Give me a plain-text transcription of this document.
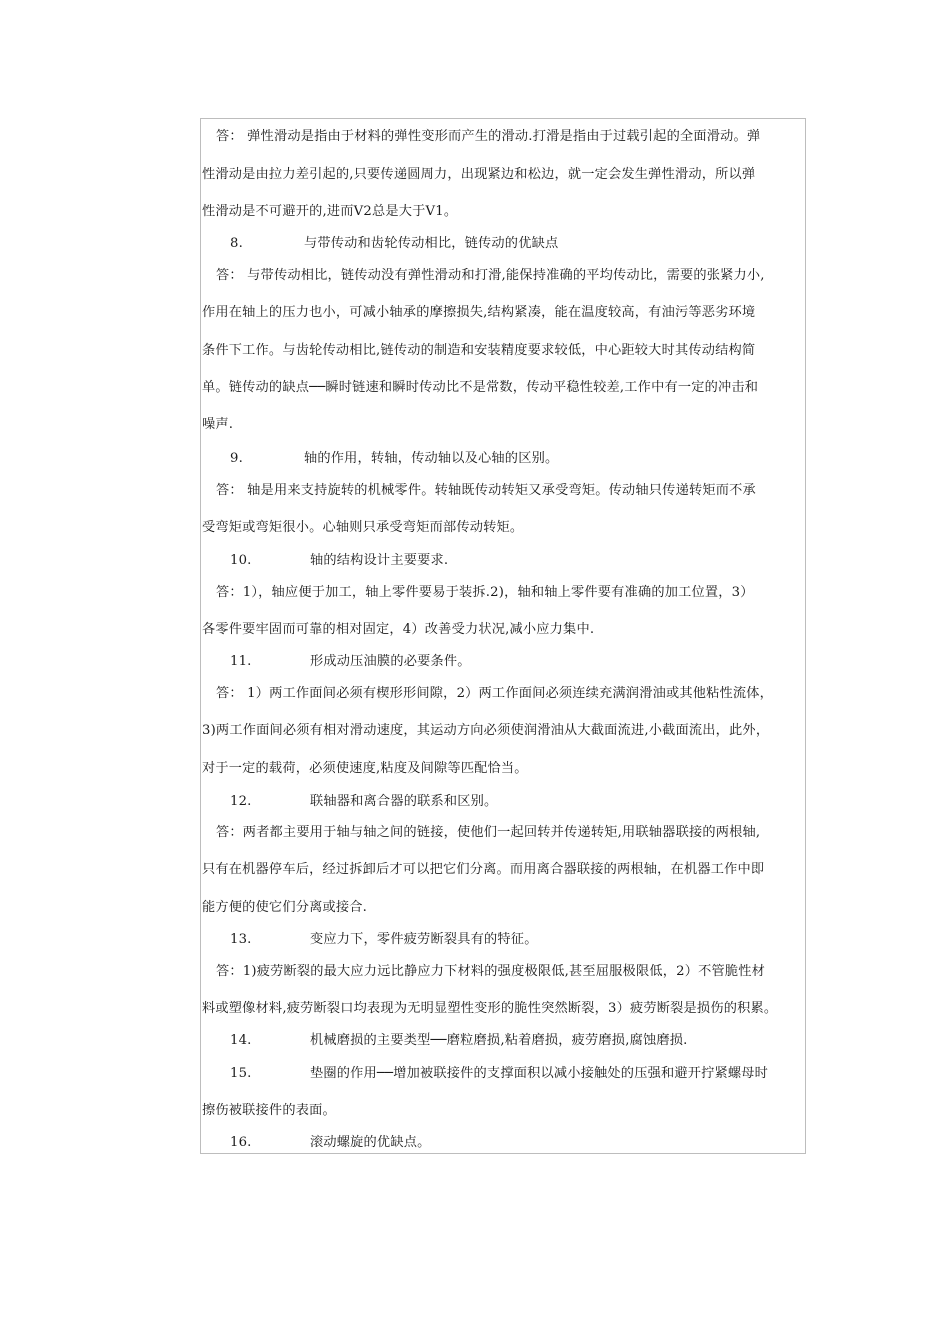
答： 弹性滑动是指由于材料的弹性变形而产生的滑动.打滑是指由于过载引起的全面滑动。弹
性滑动是由拉力差引起的,只要传递圆周力，出现紧边和松边，就一定会发生弹性滑动，所以弹
性滑动是不可避开的,进而V2总是大于V1。
8.	与带传动和齿轮传动相比，链传动的优缺点
答： 与带传动相比，链传动没有弹性滑动和打滑,能保持准确的平均传动比，需要的张紧力小,
作用在轴上的压力也小，可减小轴承的摩擦损失,结构紧凑，能在温度较高，有油污等恶劣环境
条件下工作。与齿轮传动相比,链传动的制造和安装精度要求较低，中心距较大时其传动结构简
单。链传动的缺点──瞬时链速和瞬时传动比不是常数，传动平稳性较差,工作中有一定的冲击和
噪声.
9.	轴的作用，转轴，传动轴以及心轴的区别。
答： 轴是用来支持旋转的机械零件。转轴既传动转矩又承受弯矩。传动轴只传递转矩而不承
受弯矩或弯矩很小。心轴则只承受弯矩而部传动转矩。
10.	轴的结构设计主要要求.
答：1），轴应便于加工，轴上零件要易于装拆.2)，轴和轴上零件要有准确的加工位置，3）
各零件要牢固而可靠的相对固定，4）改善受力状况,减小应力集中.
11.	形成动压油膜的必要条件。
答： 1）两工作面间必须有楔形形间隙，2）两工作面间必须连续充满润滑油或其他粘性流体，
3)两工作面间必须有相对滑动速度，其运动方向必须使润滑油从大截面流进,小截面流出，此外，
对于一定的载荷，必须使速度,粘度及间隙等匹配恰当。
12.	联轴器和离合器的联系和区别。
答：两者都主要用于轴与轴之间的链接，使他们一起回转并传递转矩,用联轴器联接的两根轴,
只有在机器停车后，经过拆卸后才可以把它们分离。而用离合器联接的两根轴，在机器工作中即
能方便的使它们分离或接合.
13.	变应力下，零件疲劳断裂具有的特征。
答：1)疲劳断裂的最大应力远比静应力下材料的强度极限低,甚至屈服极限低，2）不管脆性材
料或塑像材料,疲劳断裂口均表现为无明显塑性变形的脆性突然断裂，3）疲劳断裂是损伤的积累。
14.	机械磨损的主要类型──磨粒磨损,粘着磨损，疲劳磨损,腐蚀磨损.
15.	垫圈的作用──增加被联接件的支撑面积以减小接触处的压强和避开拧紧螺母时
擦伤被联接件的表面。
16.	滚动螺旋的优缺点。
